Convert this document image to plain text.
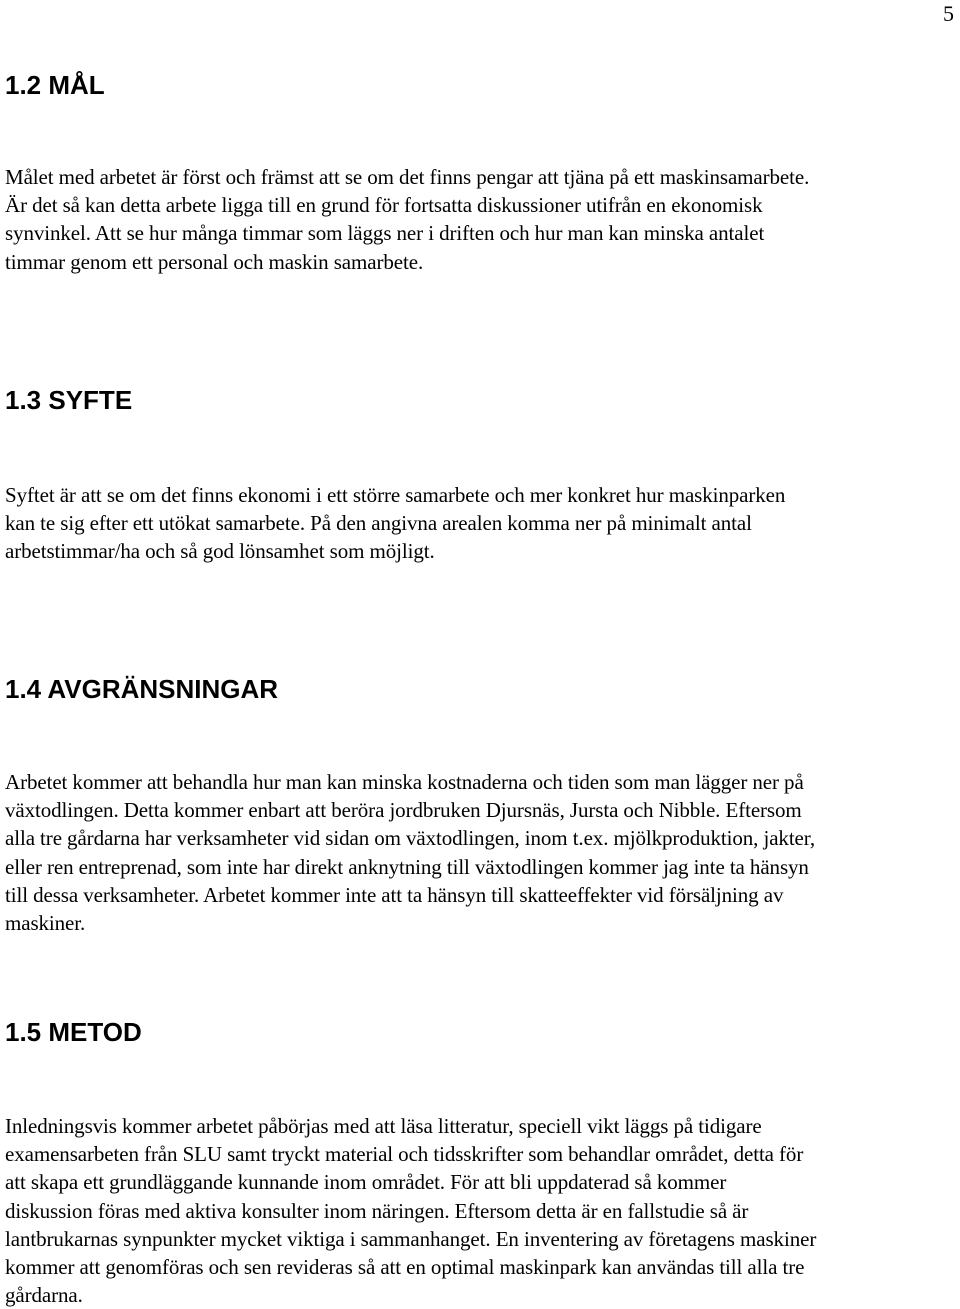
5
1.2 MÅL

Målet med arbetet är först och främst att se om det finns pengar att tjäna på ett maskinsamarbete.
Är det så kan detta arbete ligga till en grund för fortsatta diskussioner utifrån en ekonomisk
synvinkel. Att se hur många timmar som läggs ner i driften och hur man kan minska antalet
timmar genom ett personal och maskin samarbete.

1.3 SYFTE

Syftet är att se om det finns ekonomi i ett större samarbete och mer konkret hur maskinparken
kan te sig efter ett utökat samarbete. På den angivna arealen komma ner på minimalt antal
arbetstimmar/ha och så god lönsamhet som möjligt.

1.4 AVGRÄNSNINGAR

Arbetet kommer att behandla hur man kan minska kostnaderna och tiden som man lägger ner på
växtodlingen. Detta kommer enbart att beröra jordbruken Djursnäs, Jursta och Nibble. Eftersom
alla tre gårdarna har verksamheter vid sidan om växtodlingen, inom t.ex. mjölkproduktion, jakter,
eller ren entreprenad, som inte har direkt anknytning till växtodlingen kommer jag inte ta hänsyn
till dessa verksamheter. Arbetet kommer inte att ta hänsyn till skatteeffekter vid försäljning av
maskiner.

1.5 METOD

Inledningsvis kommer arbetet påbörjas med att läsa litteratur, speciell vikt läggs på tidigare
examensarbeten från SLU samt tryckt material och tidsskrifter som behandlar området, detta för
att skapa ett grundläggande kunnande inom området. För att bli uppdaterad så kommer
diskussion föras med aktiva konsulter inom näringen. Eftersom detta är en fallstudie så är
lantbrukarnas synpunkter mycket viktiga i sammanhanget. En inventering av företagens maskiner
kommer att genomföras och sen revideras så att en optimal maskinpark kan användas till alla tre
gårdarna.
